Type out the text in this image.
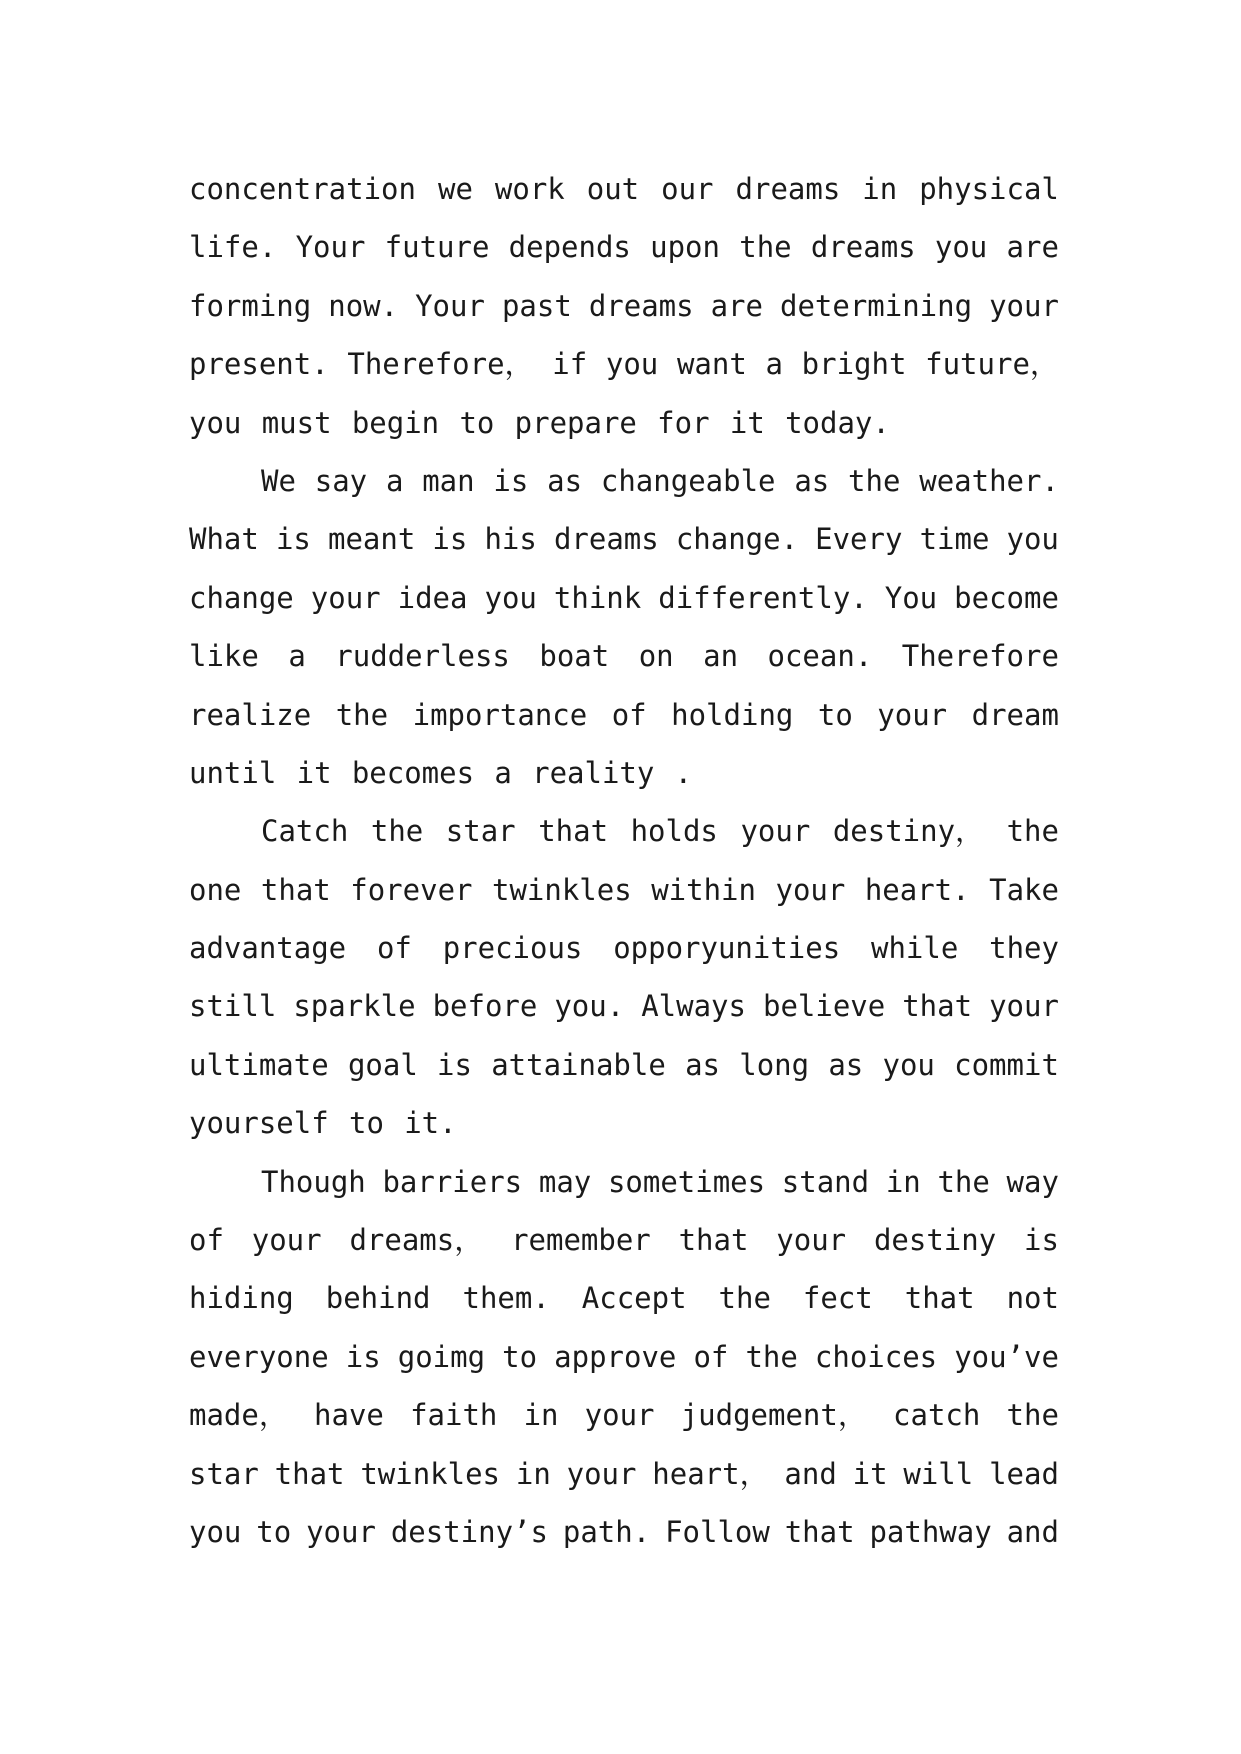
concentration we work out our dreams in physical
life. Your future depends upon the dreams you are
forming now. Your past dreams are determining your
present. Therefore， if you want a bright future，
you must begin to prepare for it today.
We say a man is as changeable as the weather.
What is meant is his dreams change. Every time you
change your idea you think differently. You become
like a rudderless boat on an ocean. Therefore
realize the importance of holding to your dream
until it becomes a reality .
Catch the star that holds your destiny， the
one that forever twinkles within your heart. Take
advantage of precious opporyunities while they
still sparkle before you. Always believe that your
ultimate goal is attainable as long as you commit
yourself to it.
Though barriers may sometimes stand in the way
of your dreams， remember that your destiny is
hiding behind them. Accept the fect that not
everyone is goimg to approve of the choices you’ve
made， have faith in your judgement， catch the
star that twinkles in your heart， and it will lead
you to your destiny’s path. Follow that pathway and
